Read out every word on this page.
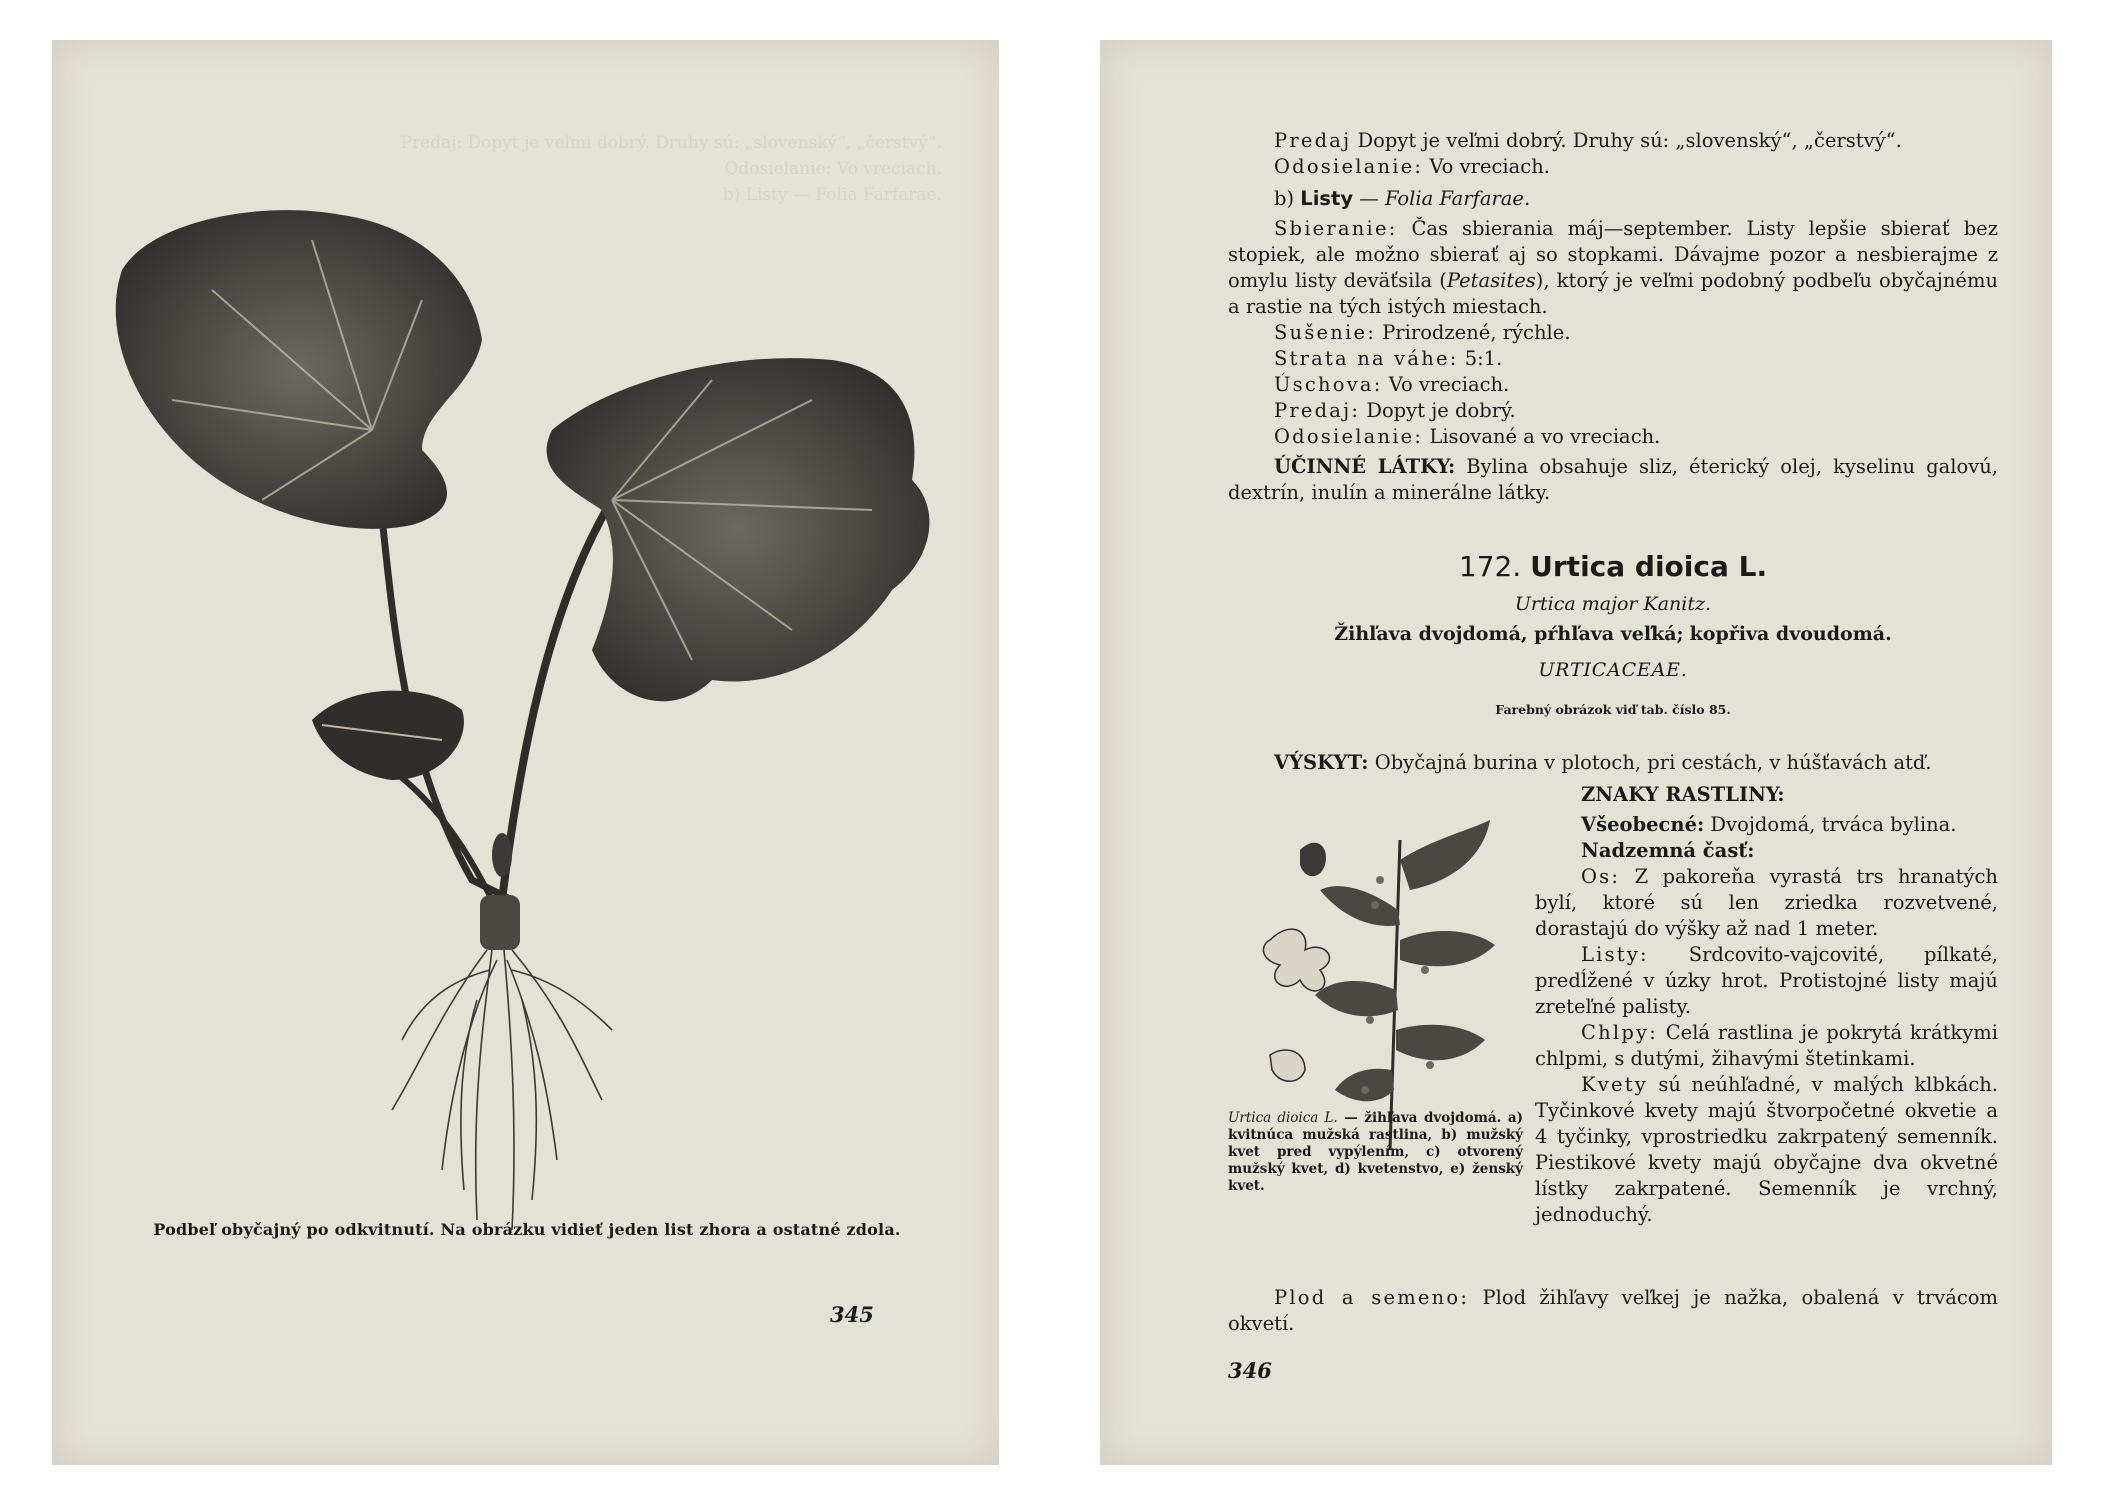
Predaj: Dopyt je veľmi dobrý. Druhy sú: „slovenský“, „čerstvý“.
Odosielanie: Vo vreciach.
b) Listy — Folia Farfarae.
Podbeľ obyčajný po odkvitnutí. Na obrázku vidieť jeden list zhora a ostatné zdola.
345

Predaj Dopyt je veľmi dobrý. Druhy sú: „slovenský“, „čerstvý“.

Odosielanie: Vo vreciach.

b) Listy — Folia Farfarae.

Sbieranie: Čas sbierania máj—september. Listy lepšie sbierať bez stopiek, ale možno sbierať aj so stopkami. Dávajme pozor a nesbierajme z omylu listy deväťsila (Petasites), ktorý je veľmi podobný podbeľu obyčajnému a rastie na tých istých miestach.

Sušenie: Prirodzené, rýchle.

Strata na váhe: 5:1.

Úschova: Vo vreciach.

Predaj: Dopyt je dobrý.

Odosielanie: Lisované a vo vreciach.

ÚČINNÉ LÁTKY: Bylina obsahuje sliz, éterický olej, kyselinu galovú, dextrín, inulín a minerálne látky.

172. Urtica dioica L.

Urtica major Kanitz.

Žihľava dvojdomá, pŕhľava veľká; kopřiva dvoudomá.

URTICACEAE.

Farebný obrázok viď tab. číslo 85.

VÝSKYT: Obyčajná burina v plotoch, pri cestách, v húšťavách atď.

Urtica dioica L. — žihľava dvojdomá. a) kvitnúca mužská rastlina, b) mužský kvet pred vypýlením, c) otvorený mužský kvet, d) kvetenstvo, e) ženský kvet.

ZNAKY RASTLINY:

Všeobecné: Dvojdomá, trváca bylina.

Nadzemná časť:

Os: Z pakoreňa vyrastá trs hranatých bylí, ktoré sú len zriedka rozvetvené, dorastajú do výšky až nad 1 meter.

Listy: Srdcovito-vajcovité, pílkaté, predĺžené v úzky hrot. Protistojné listy majú zreteľné palisty.

Chlpy: Celá rastlina je pokrytá krátkymi chlpmi, s dutými, žihavými štetinkami.

Kvety sú neúhľadné, v malých klbkách. Tyčinkové kvety majú štvorpočetné okvetie a 4 tyčinky, vprostriedku zakrpatený semenník. Piestikové kvety majú obyčajne dva okvetné lístky zakrpatené. Semenník je vrchný, jednoduchý.

Plod a semeno: Plod žihľavy veľkej je nažka, obalená v trvácom okvetí.

346
